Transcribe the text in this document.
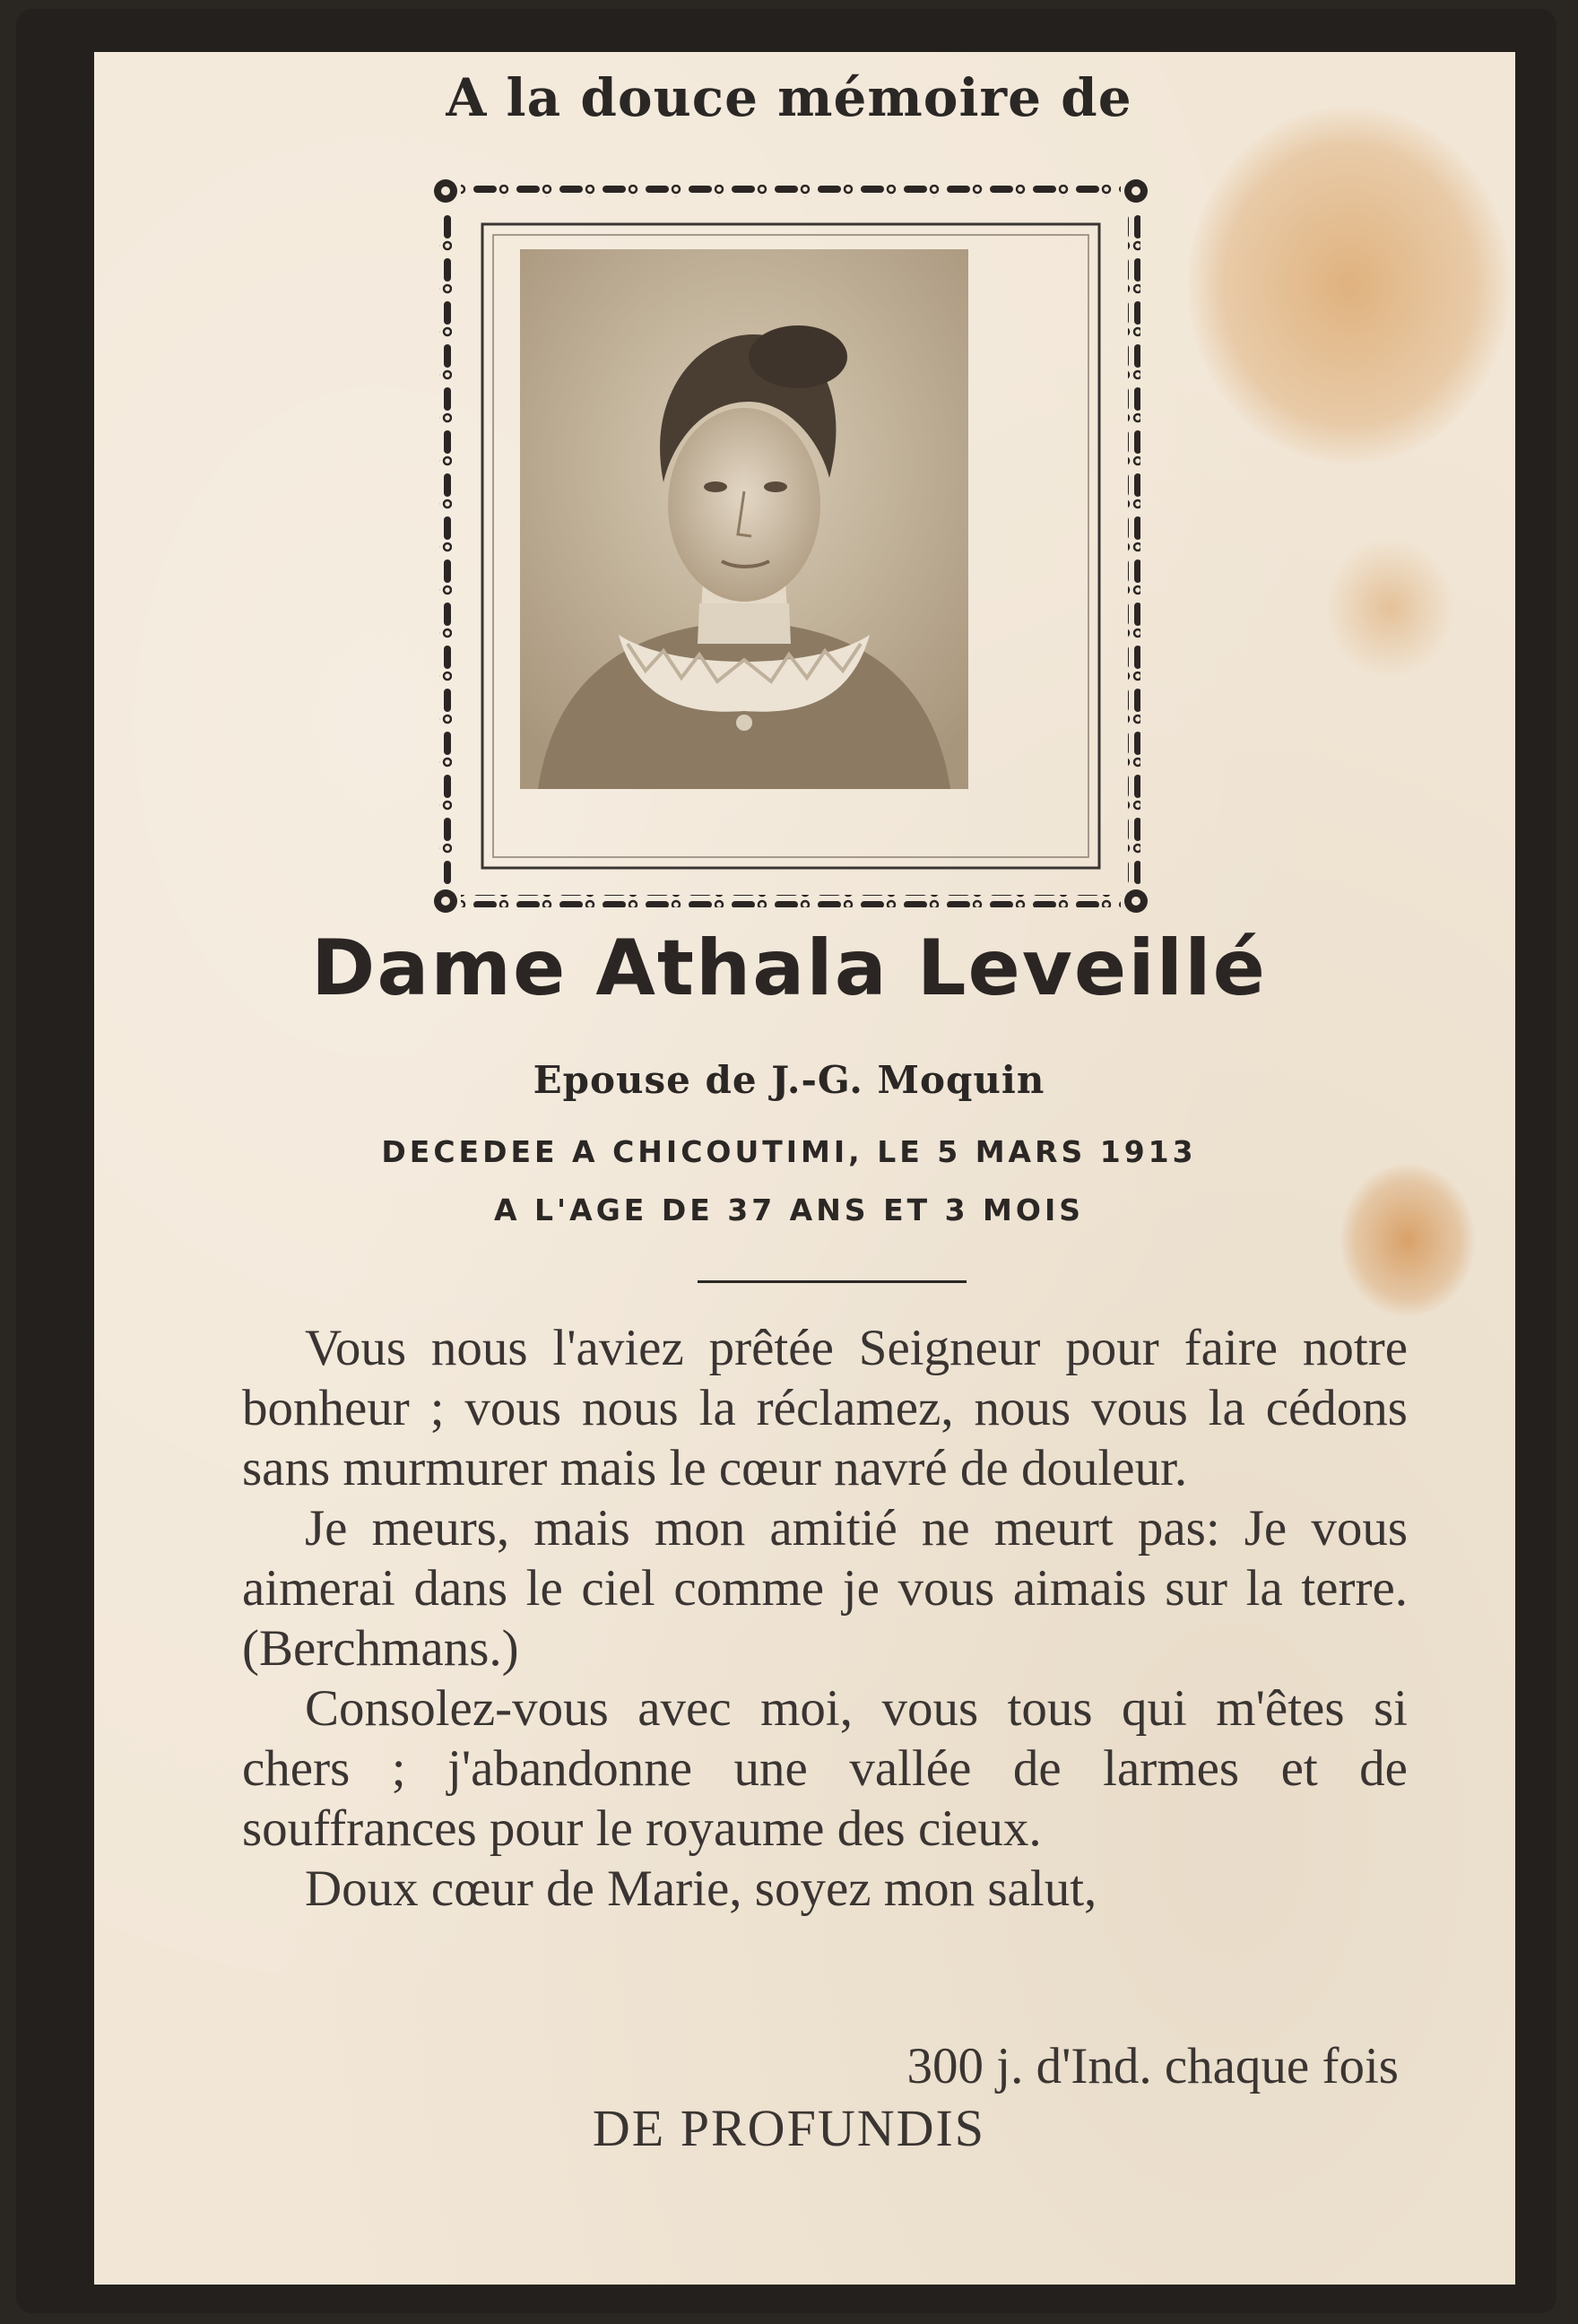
A la douce mémoire de
Dame Athala Leveillé
Epouse de J.-G. Moquin
DECEDEE A CHICOUTIMI, LE 5 MARS 1913
A L'AGE DE 37 ANS ET 3 MOIS

Vous nous l'aviez prêtée Seigneur pour faire notre bonheur ; vous nous la réclamez, nous vous la cédons sans murmurer mais le cœur navré de douleur.

Je meurs, mais mon amitié ne meurt pas: Je vous aimerai dans le ciel comme je vous aimais sur la terre. (Berchmans.)

Consolez-vous avec moi, vous tous qui m'êtes si chers ; j'abandonne une vallée de larmes et de souffrances pour le royaume des cieux.

Doux cœur de Marie, soyez mon salut,

300 j. d'Ind. chaque fois
DE PROFUNDIS
